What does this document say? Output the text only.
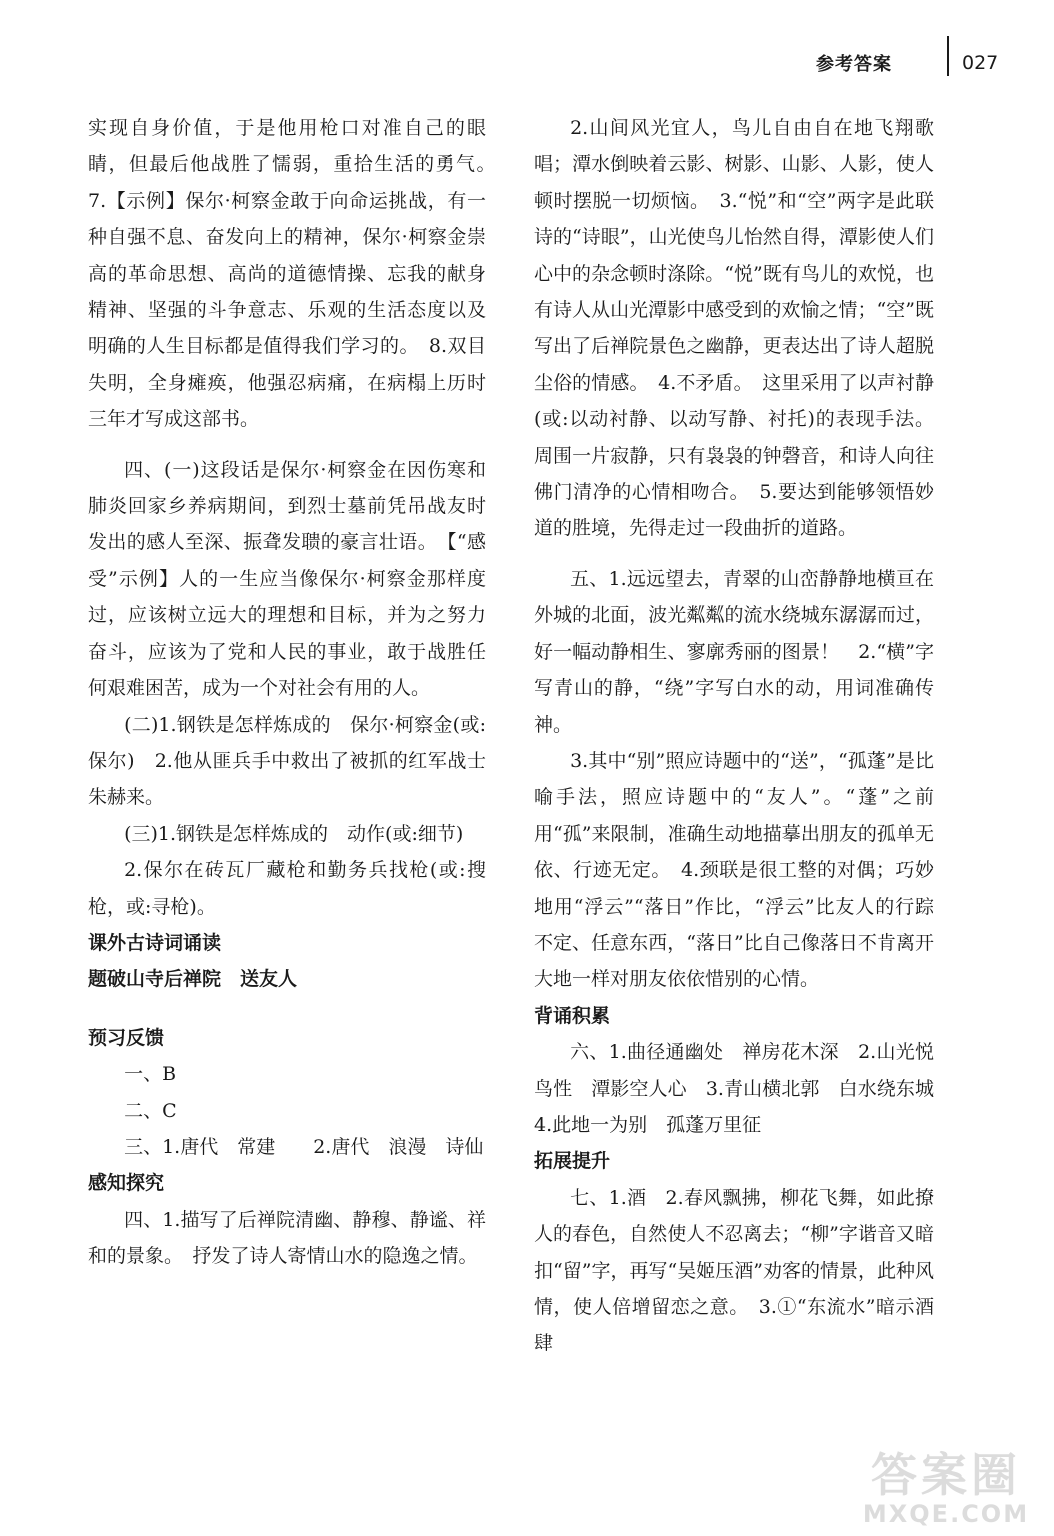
参考答案	027

实现自身价值，于是他用枪口对准自己的眼睛，但最后他战胜了懦弱，重拾生活的勇气。　7.【示例】保尔·柯察金敢于向命运挑战，有一种自强不息、奋发向上的精神，保尔·柯察金崇高的革命思想、高尚的道德情操、忘我的献身精神、坚强的斗争意志、乐观的生活态度以及明确的人生目标都是值得我们学习的。　8.双目失明，全身瘫痪，他强忍病痛，在病榻上历时三年才写成这部书。

四、(一)这段话是保尔·柯察金在因伤寒和肺炎回家乡养病期间，到烈士墓前凭吊战友时发出的感人至深、振聋发聩的豪言壮语。　【“感受”示例】人的一生应当像保尔·柯察金那样度过，应该树立远大的理想和目标，并为之努力奋斗，应该为了党和人民的事业，敢于战胜任何艰难困苦，成为一个对社会有用的人。

(二)1.钢铁是怎样炼成的　保尔·柯察金(或:保尔)　2.他从匪兵手中救出了被抓的红军战士朱赫来。

(三)1.钢铁是怎样炼成的　动作(或:细节)

2.保尔在砖瓦厂藏枪和勤务兵找枪(或:搜枪，或:寻枪)。

课外古诗词诵读

题破山寺后禅院　送友人

预习反馈

一、B

二、C

三、1.唐代　常建　　2.唐代　浪漫　诗仙

感知探究

四、1.描写了后禅院清幽、静穆、静谧、祥和的景象。　抒发了诗人寄情山水的隐逸之情。

2.山间风光宜人，鸟儿自由自在地飞翔歌唱；潭水倒映着云影、树影、山影、人影，使人顿时摆脱一切烦恼。　3.“悦”和“空”两字是此联诗的“诗眼”，山光使鸟儿怡然自得，潭影使人们心中的杂念顿时涤除。“悦”既有鸟儿的欢悦，也有诗人从山光潭影中感受到的欢愉之情；“空”既写出了后禅院景色之幽静，更表达出了诗人超脱尘俗的情感。　4.不矛盾。　这里采用了以声衬静(或:以动衬静、以动写静、衬托)的表现手法。周围一片寂静，只有袅袅的钟磬音，和诗人向往佛门清净的心情相吻合。　5.要达到能够领悟妙道的胜境，先得走过一段曲折的道路。

五、1.远远望去，青翠的山峦静静地横亘在外城的北面，波光粼粼的流水绕城东潺潺而过，好一幅动静相生、寥廓秀丽的图景！　2.“横”字写青山的静，“绕”字写白水的动，用词准确传神。

3.其中“别”照应诗题中的“送”，“孤蓬”是比喻手法，照应诗题中的“友人”。“蓬”之前用“孤”来限制，准确生动地描摹出朋友的孤单无依、行迹无定。　4.颈联是很工整的对偶；巧妙地用“浮云”“落日”作比，“浮云”比友人的行踪不定、任意东西，“落日”比自己像落日不肯离开大地一样对朋友依依惜别的心情。

背诵积累

六、1.曲径通幽处　禅房花木深　2.山光悦鸟性　潭影空人心　3.青山横北郭　白水绕东城　4.此地一为别　孤蓬万里征

拓展提升

七、1.酒　2.春风飘拂，柳花飞舞，如此撩人的春色，自然使人不忍离去；“柳”字谐音又暗扣“留”字，再写“吴姬压酒”劝客的情景，此种风情，使人倍增留恋之意。　3.①“东流水”暗示酒肆

答案圈
MXQE.COM
